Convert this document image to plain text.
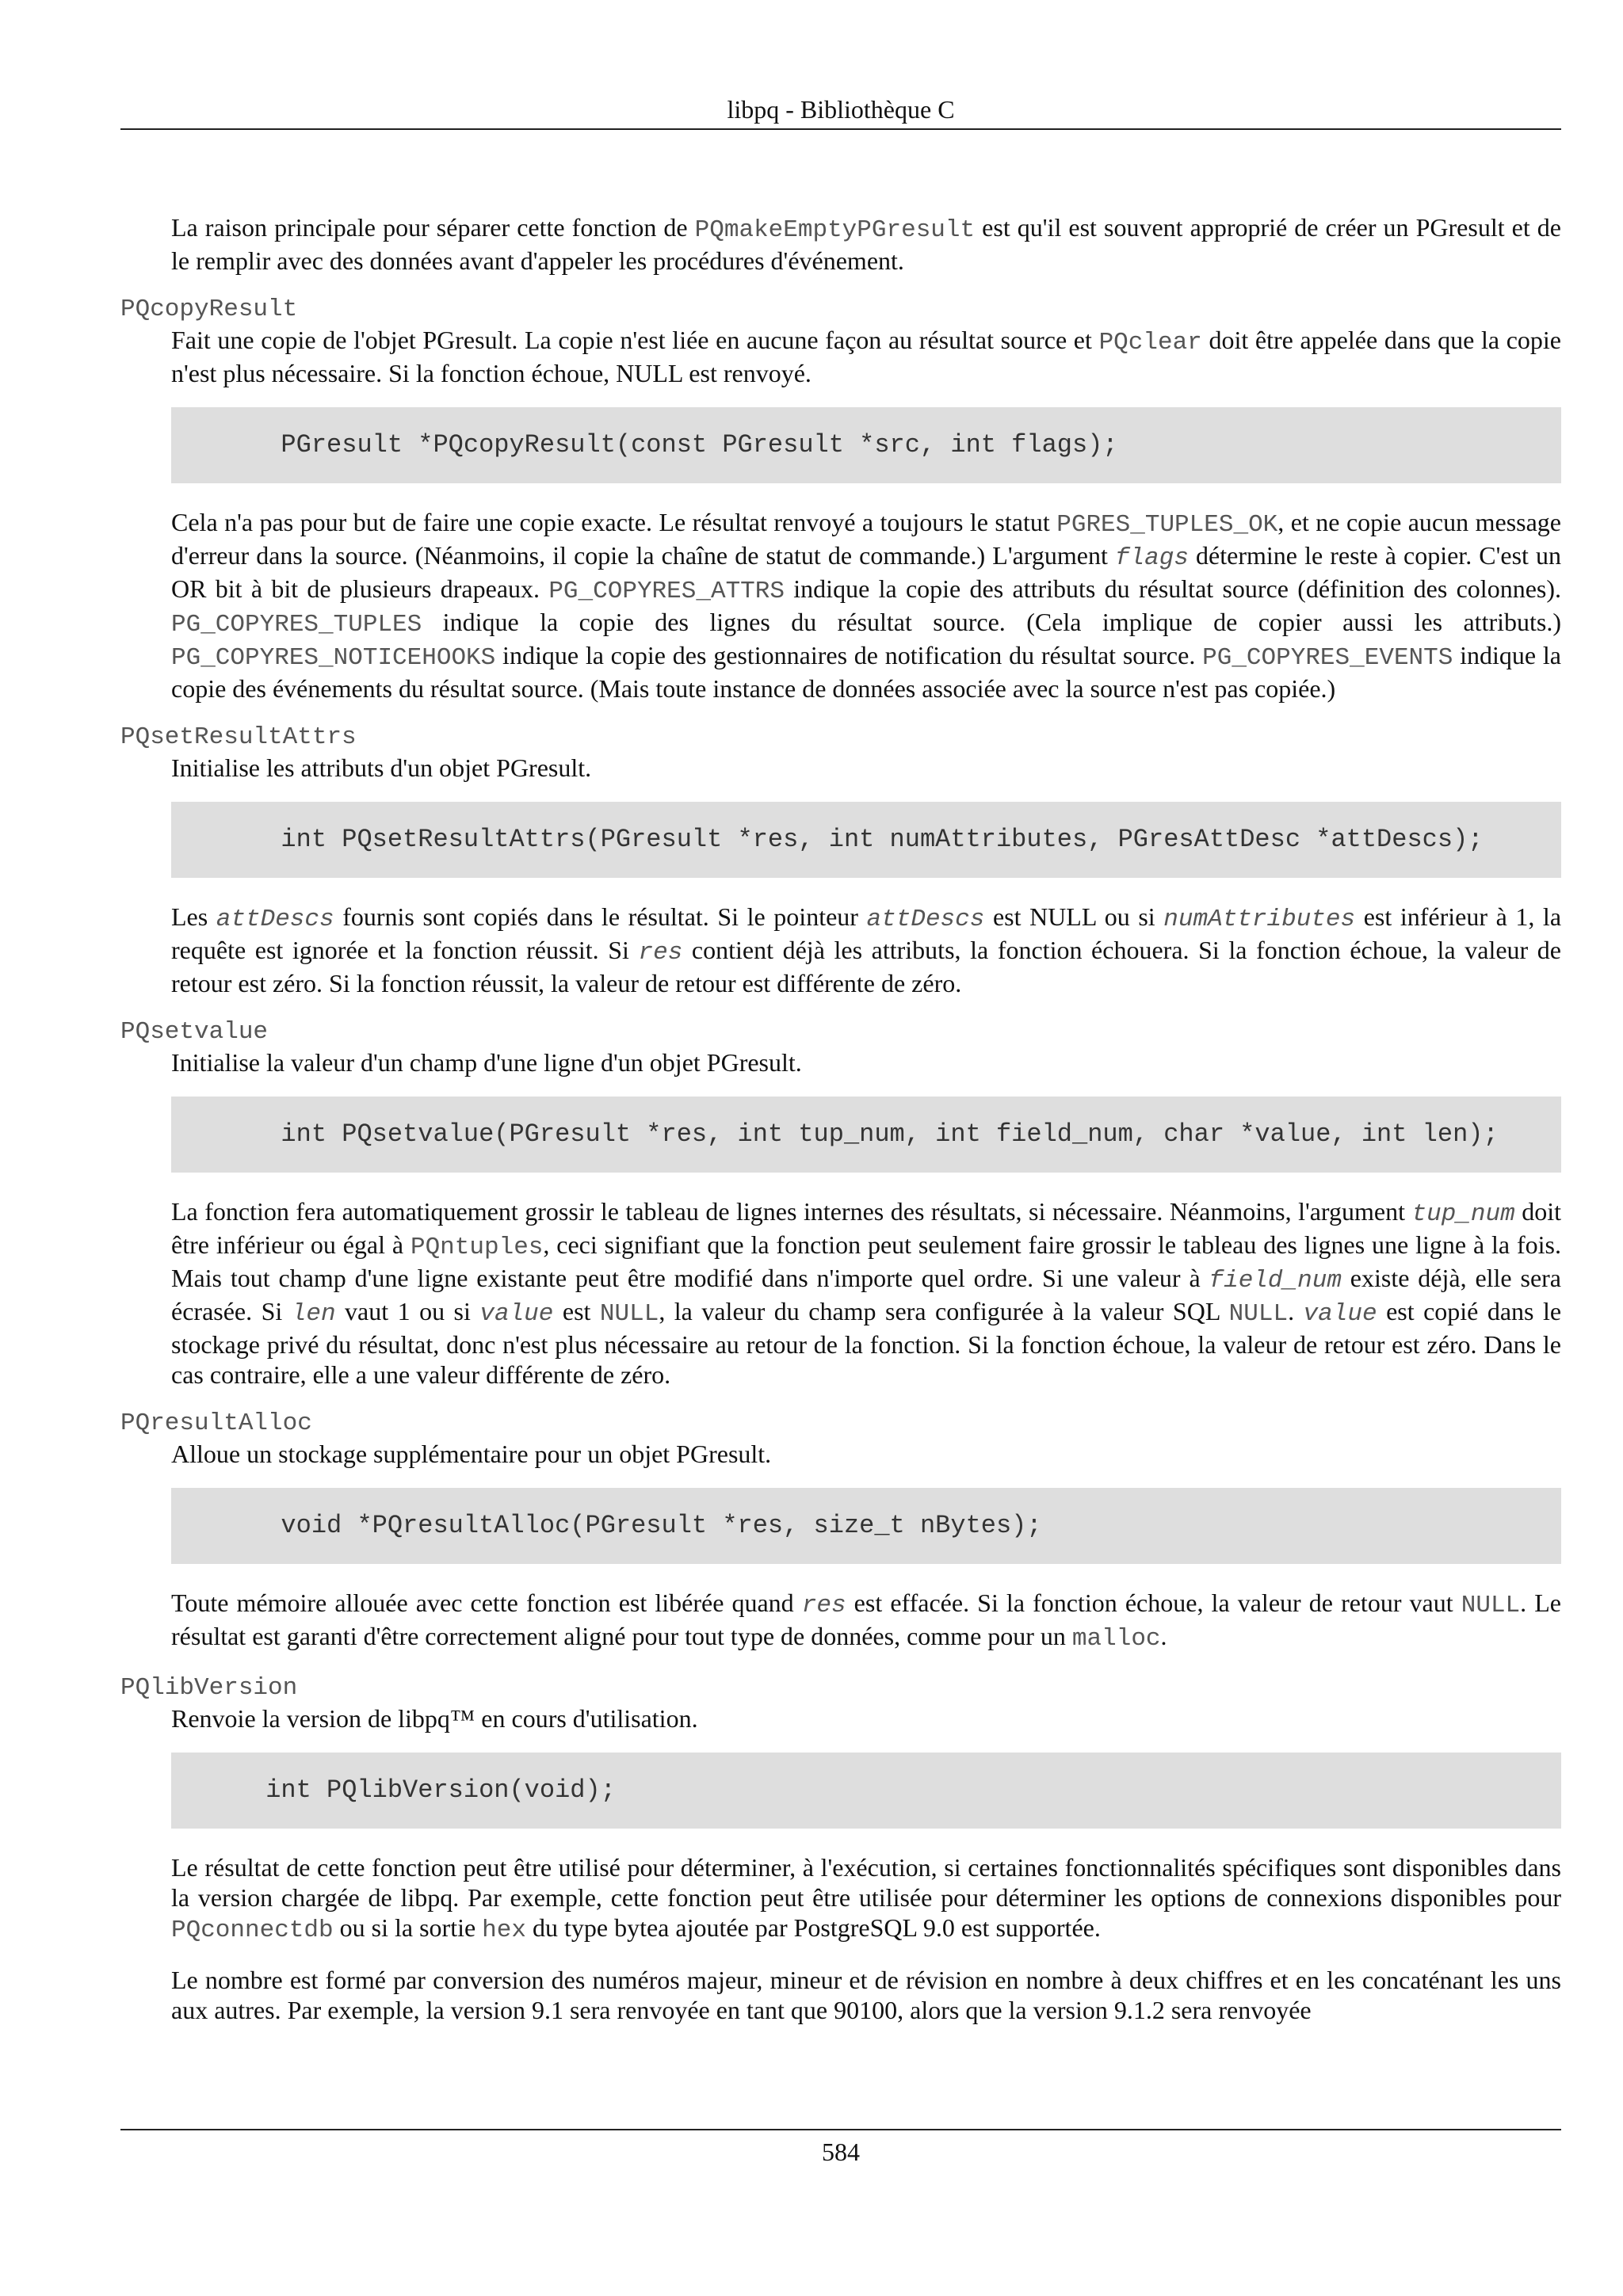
libpq - Bibliothèque C

La raison principale pour séparer cette fonction de PQmakeEmptyPGresult est qu'il est souvent approprié de créer un PGresult et de le remplir avec des données avant d'appeler les procédures d'événement.

PQcopyResult

Fait une copie de l'objet PGresult. La copie n'est liée en aucune façon au résultat source et PQclear doit être appelée dans que la copie n'est plus nécessaire. Si la fonction échoue, NULL est renvoyé.

PGresult *PQcopyResult(const PGresult *src, int flags);

Cela n'a pas pour but de faire une copie exacte. Le résultat renvoyé a toujours le statut PGRES_TUPLES_OK, et ne copie aucun message d'erreur dans la source. (Néanmoins, il copie la chaîne de statut de commande.) L'argument flags détermine le reste à copier. C'est un OR bit à bit de plusieurs drapeaux. PG_COPYRES_ATTRS indique la copie des attributs du résultat source (définition des colonnes). PG_COPYRES_TUPLES indique la copie des lignes du résultat source. (Cela implique de copier aussi les attributs.) PG_COPYRES_NOTICEHOOKS indique la copie des gestionnaires de notification du résultat source. PG_COPYRES_EVENTS indique la copie des événements du résultat source. (Mais toute instance de données associée avec la source n'est pas copiée.)

PQsetResultAttrs

Initialise les attributs d'un objet PGresult.

int PQsetResultAttrs(PGresult *res, int numAttributes, PGresAttDesc *attDescs);

Les attDescs fournis sont copiés dans le résultat. Si le pointeur attDescs est NULL ou si numAttributes est inférieur à 1, la requête est ignorée et la fonction réussit. Si res contient déjà les attributs, la fonction échouera. Si la fonction échoue, la valeur de retour est zéro. Si la fonction réussit, la valeur de retour est différente de zéro.

PQsetvalue

Initialise la valeur d'un champ d'une ligne d'un objet PGresult.

int PQsetvalue(PGresult *res, int tup_num, int field_num, char *value, int len);

La fonction fera automatiquement grossir le tableau de lignes internes des résultats, si nécessaire. Néanmoins, l'argument tup_num doit être inférieur ou égal à PQntuples, ceci signifiant que la fonction peut seulement faire grossir le tableau des lignes une ligne à la fois. Mais tout champ d'une ligne existante peut être modifié dans n'importe quel ordre. Si une valeur à field_num existe déjà, elle sera écrasée. Si len vaut 1 ou si value est NULL, la valeur du champ sera configurée à la valeur SQL NULL. value est copié dans le stockage privé du résultat, donc n'est plus nécessaire au retour de la fonction. Si la fonction échoue, la valeur de retour est zéro. Dans le cas contraire, elle a une valeur différente de zéro.

PQresultAlloc

Alloue un stockage supplémentaire pour un objet PGresult.

void *PQresultAlloc(PGresult *res, size_t nBytes);

Toute mémoire allouée avec cette fonction est libérée quand res est effacée. Si la fonction échoue, la valeur de retour vaut NULL. Le résultat est garanti d'être correctement aligné pour tout type de données, comme pour un malloc.

PQlibVersion

Renvoie la version de libpq™ en cours d'utilisation.

int PQlibVersion(void);

Le résultat de cette fonction peut être utilisé pour déterminer, à l'exécution, si certaines fonctionnalités spécifiques sont disponibles dans la version chargée de libpq. Par exemple, cette fonction peut être utilisée pour déterminer les options de connexions disponibles pour PQconnectdb ou si la sortie hex du type bytea ajoutée par PostgreSQL 9.0 est supportée.

Le nombre est formé par conversion des numéros majeur, mineur et de révision en nombre à deux chiffres et en les concaténant les uns aux autres. Par exemple, la version 9.1 sera renvoyée en tant que 90100, alors que la version 9.1.2 sera renvoyée

584
